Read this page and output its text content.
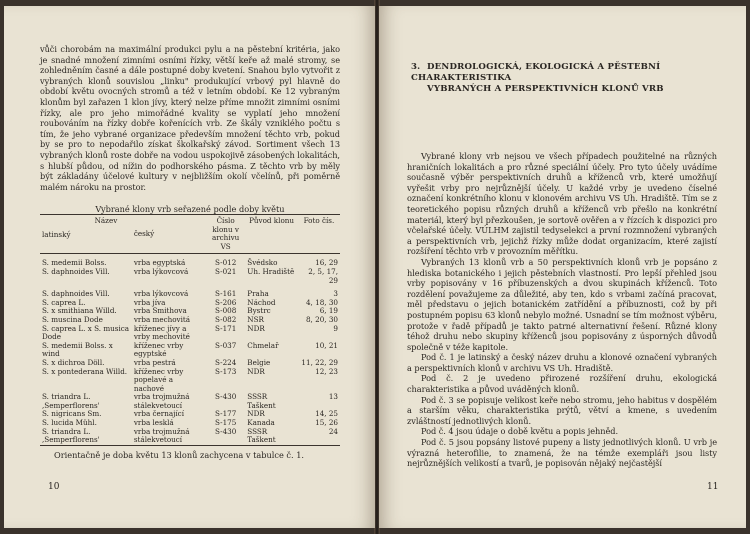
vůči chorobám na maximální produkci pylu a na pěstební kritéria, jako je snadné množení zimními osními řízky, větší keře až malé stromy, se zohledněním časné a dále postupné doby kvetení. Snahou bylo vytvořit z vybraných klonů souvislou „linku" produkující vrbový pyl hlavně do období květu ovocných stromů a též v letním období. Ke 12 vybraným klonům byl zařazen 1 klon jívy, který nelze příme množit zimními osními řízky, ale pro jeho mimořádné kvality se vyplatí jeho množení roubováním na řízky dobře kořenících vrb. Ze škály vzniklého počtu s tím, že jeho vybrané organizace především množení těchto vrb, pokud by se pro to nepodařilo získat školkařský závod. Sortiment všech 13 vybraných klonů roste dobře na vodou uspokojivě zásobených lokalitách, s hlubší půdou, od nížin do podhorského pásma. Z těchto vrb by měly být základány účelové kultury v nejbližším okolí včelínů, při poměrně malém nároku na prostor.

Vybrané klony vrb seřazené podle doby květu
Název
latinský	český	Číslo klonu v archivu VS	Původ klonu	Foto čís.
S. medemii Bolss.	vrba egyptská	S-012	Švédsko	16, 29
S. daphnoides Vill.	vrba lýkovcová	S-021	Uh. Hradiště	2, 5, 17, 29
S. daphnoides Vill.	vrba lýkovcová	S-161	Praha	3
S. caprea L.	vrba jíva	S-206	Náchod	4, 18, 30
S. x smithiana Willd.	vrba Smithova	S-008	Bystrc	6, 19
S. muscina Dode	vrba mechovitá	S-082	NSR	8, 20, 30
S. caprea L. x S. musica Dode	kříženec jívy a vrby mechovité	S-171	NDR	9
S. medemii Bolss. x wind	kříženec vrby egyptské	S-037	Chmelař	10, 21
S. x dichroa Döll.	vrba pestrá	S-224	Belgie	11, 22, 29
S. x pontederana Willd.	kříženec vrby popelavé a nachové	S-173	NDR	12, 23
S. triandra L. ,Semperflorens'	vrba trojmužná stálekvetoucí	S-430	SSSR Taškent	13
S. nigricans Sm.	vrba černající	S-177	NDR	14, 25
S. lucida Mühl.	vrba lesklá	S-175	Kanada	15, 26
S. triandra L. ,Semperflorens'	vrba trojmužná stálekvetoucí	S-430	SSSR Taškent	24

Orientačně je doba květu 13 klonů zachycena v tabulce č. 1.
10
3. DENDROLOGICKÁ, EKOLOGICKÁ A PĚSTEBNÍ CHARAKTERISTIKA
VYBRANÝCH A PERSPEKTIVNÍCH KLONŮ VRB

Vybrané klony vrb nejsou ve všech případech použitelné na různých hraničních lokalitách a pro různé speciální účely. Pro tyto účely uvádíme současně výběr perspektivních druhů a kříženců vrb, které umožňují vyřešit vrby pro nejrůznější účely. U každé vrby je uvedeno číselné označení konkrétního klonu v klonovém archivu VS Uh. Hradiště. Tím se z teoretického popisu různých druhů a kříženců vrb přešlo na konkrétní materiál, který byl přezkoušen, je sortově ověřen a v řízcích k dispozici pro včelařské účely. VÚLHM zajistil tedyselekci a první rozmnožení vybraných a perspektivních vrb, jejichž řízky může dodat organizacím, které zajistí rozšíření těchto vrb v provozním měřítku.

Vybraných 13 klonů vrb a 50 perspektivních klonů vrb je popsáno z hlediska botanického i jejich pěstebních vlastností. Pro lepší přehled jsou vrby popisovány v 16 příbuzenských a dvou skupinách kříženců. Toto rozdělení považujeme za důležité, aby ten, kdo s vrbami začíná pracovat, měl představu o jejich botanickém zatřídění a příbuznosti, což by při postupném popisu 63 klonů nebylo možné. Usnadní se tím možnost výběru, protože v řadě případů je takto patrné alternativní řešení. Různé klony téhož druhu nebo skupiny kříženců jsou popisovány z úsporných důvodů společně v téže kapitole.

Pod č. 1 je latinský a český název druhu a klonové označení vybraných a perspektivních klonů v archivu VS Uh. Hradiště.

Pod č. 2 je uvedeno přirozené rozšíření druhu, ekologická charakteristika a původ uváděných klonů.

Pod č. 3 se popisuje velikost keře nebo stromu, jeho habitus v dospělém a starším věku, charakteristika prýtů, větví a kmene, s uvedením zvláštností jednotlivých klonů.

Pod č. 4 jsou údaje o době květu a popis jehněd.

Pod č. 5 jsou popsány listové pupeny a listy jednotlivých klonů. U vrb je výrazná heterofilie, to znamená, že na témže exempláři jsou listy nejrůznějších velikostí a tvarů, je popisován nějaký nejčastější

11
